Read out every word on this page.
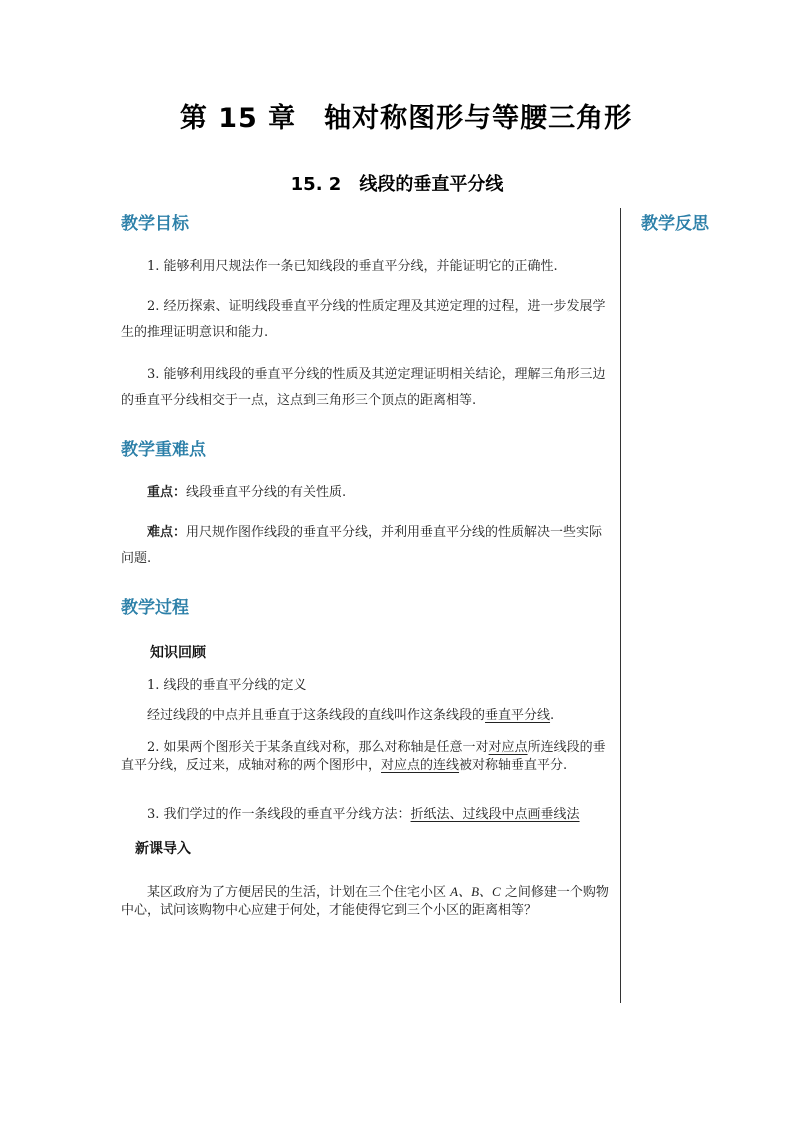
第 15 章　轴对称图形与等腰三角形
15. 2　线段的垂直平分线
教学反思
教学目标
1. 能够利用尺规法作一条已知线段的垂直平分线，并能证明它的正确性.
2. 经历探索、证明线段垂直平分线的性质定理及其逆定理的过程，进一步发展学生的推理证明意识和能力.
3. 能够利用线段的垂直平分线的性质及其逆定理证明相关结论，理解三角形三边的垂直平分线相交于一点，这点到三角形三个顶点的距离相等.
教学重难点
重点：线段垂直平分线的有关性质.
难点：用尺规作图作线段的垂直平分线，并利用垂直平分线的性质解决一些实际问题.
教学过程
知识回顾
1. 线段的垂直平分线的定义
经过线段的中点并且垂直于这条线段的直线叫作这条线段的垂直平分线.
2. 如果两个图形关于某条直线对称，那么对称轴是任意一对对应点所连线段的垂直平分线，反过来，成轴对称的两个图形中，对应点的连线被对称轴垂直平分.
3. 我们学过的作一条线段的垂直平分线方法：折纸法、过线段中点画垂线法
新课导入
某区政府为了方便居民的生活，计划在三个住宅小区 A、B、C 之间修建一个购物中心，试问该购物中心应建于何处，才能使得它到三个小区的距离相等？
